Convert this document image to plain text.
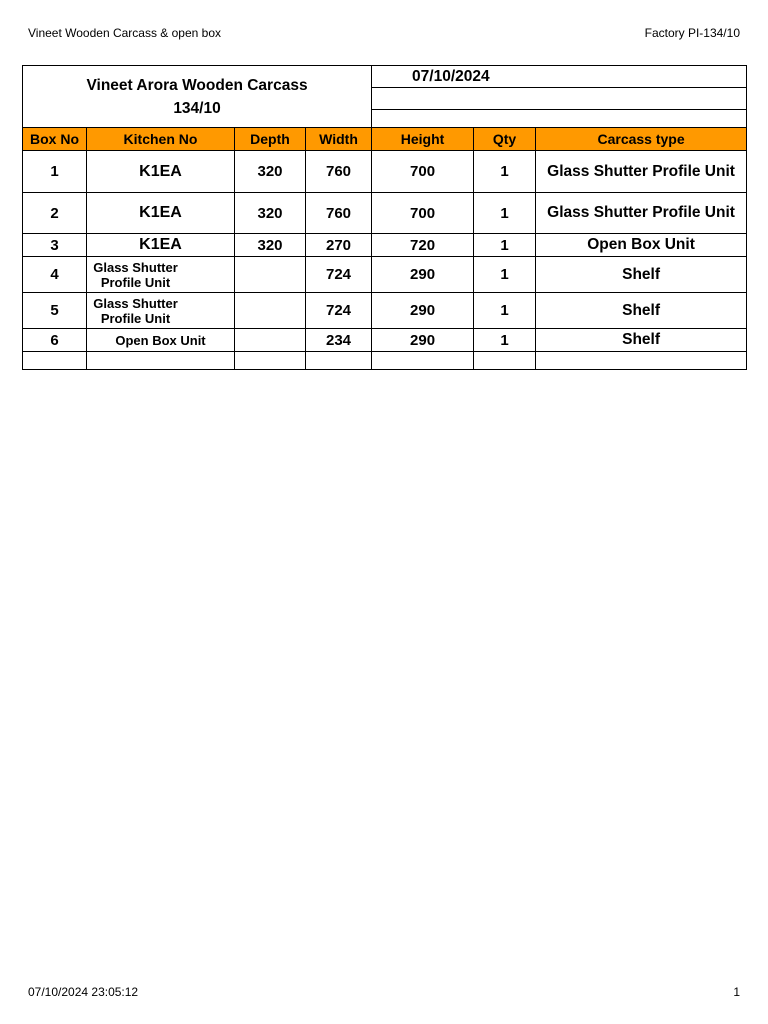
Vineet Wooden Carcass & open box	Factory PI-134/10
Vineet Arora Wooden Carcass
134/10				07/10/2024		

Box No	Kitchen No	Depth	Width	Height	Qty	Carcass type
1	K1EA	320	760	700	1	Glass Shutter Profile Unit
2	K1EA	320	760	700	1	Glass Shutter Profile Unit
3	K1EA	320	270	720	1	Open Box Unit
4	Glass Shutter Profile Unit		724	290	1	Shelf
5	Glass Shutter Profile Unit		724	290	1	Shelf
6	Open Box Unit		234	290	1	Shelf

07/10/2024 23:05:12	1
